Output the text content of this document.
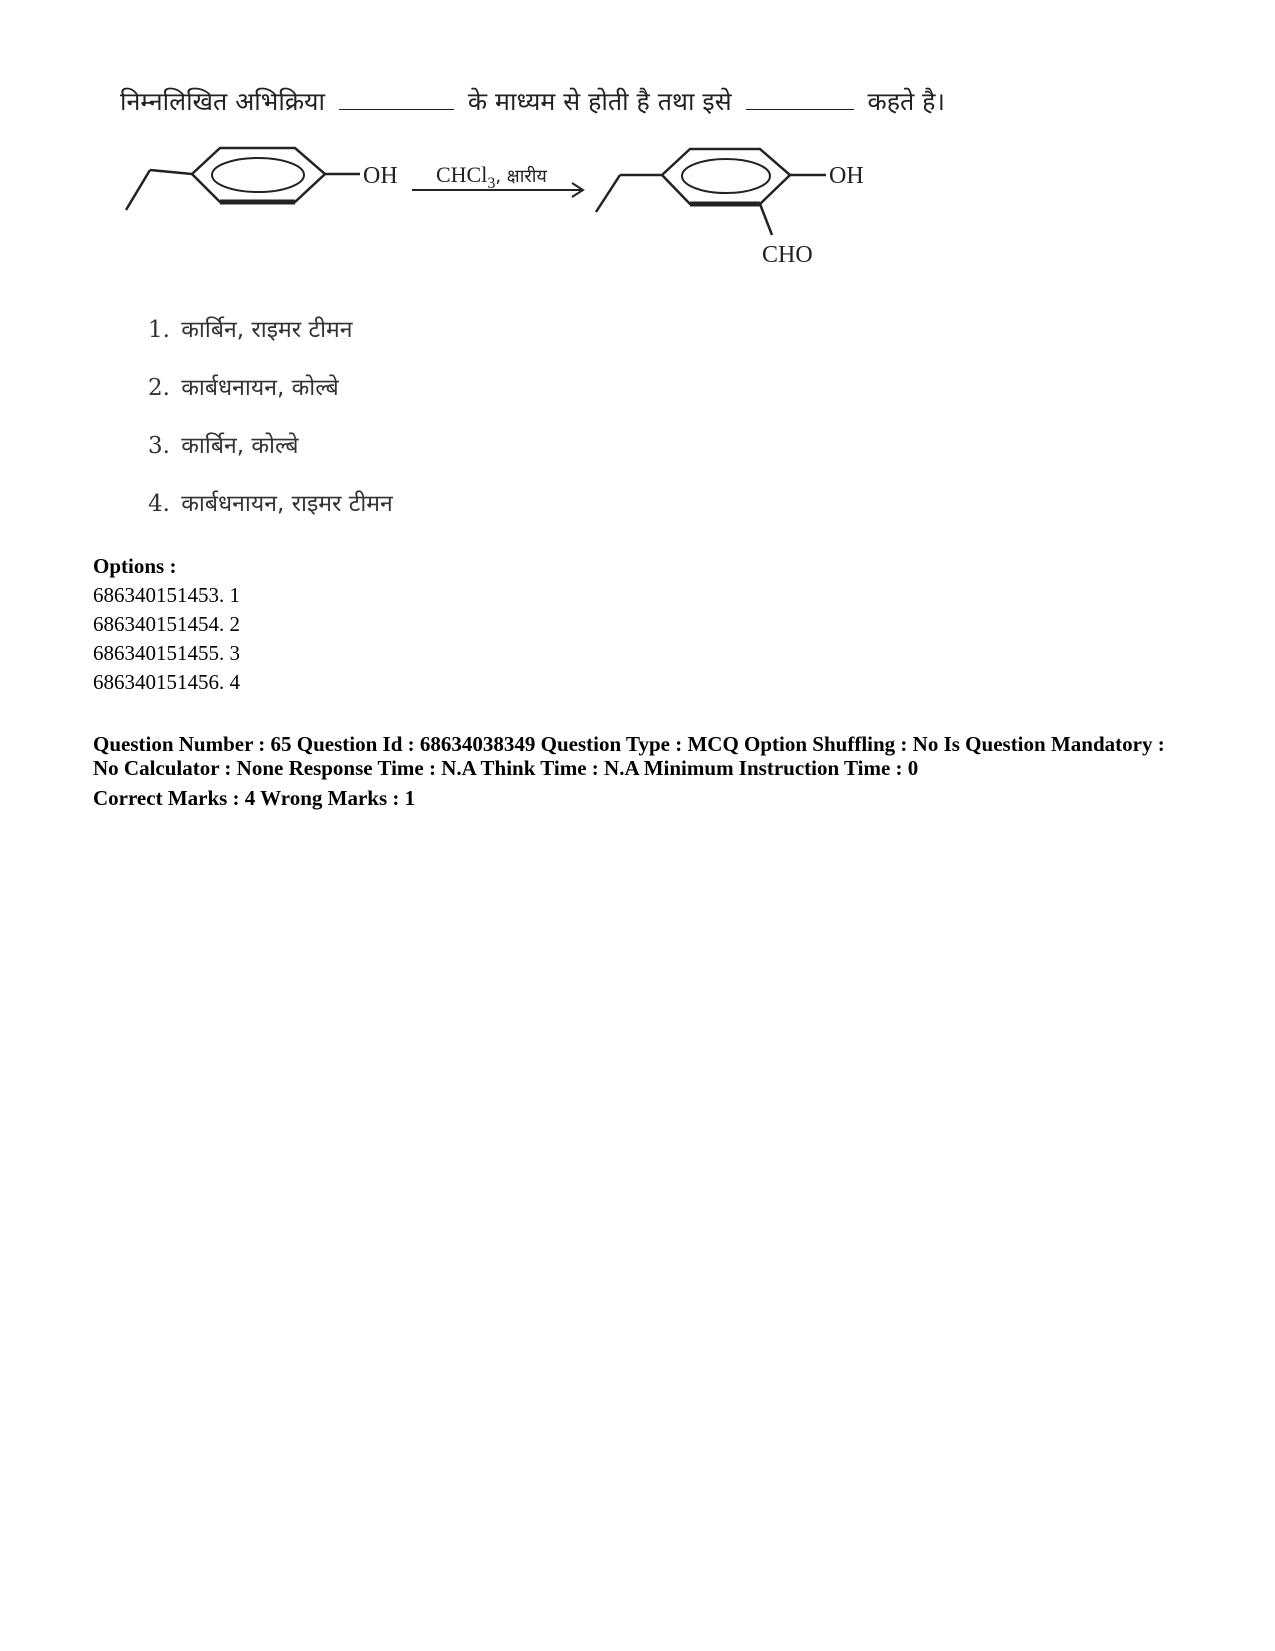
निम्नलिखित अभिक्रिया	के माध्यम से होती है तथा इसे	कहते है।
OH CHCl$_3^{, क्षारीय}$	OH
CHO
1. कार्बिन, राइमर टीमन
2. कार्बधनायन, कोल्बे
3. कार्बिन, कोल्बे
4. कार्बधनायन, राइमर टीमन
Options :
686340151453. 1
686340151454. 2
686340151455. 3
686340151456. 4
Question Number : 65 Question Id : 68634038349 Question Type : MCQ Option Shuffling : No Is Question Mandatory :
No Calculator : None Response Time : N.A Think Time : N.A Minimum Instruction Time : 0
Correct Marks : 4 Wrong Marks : 1
